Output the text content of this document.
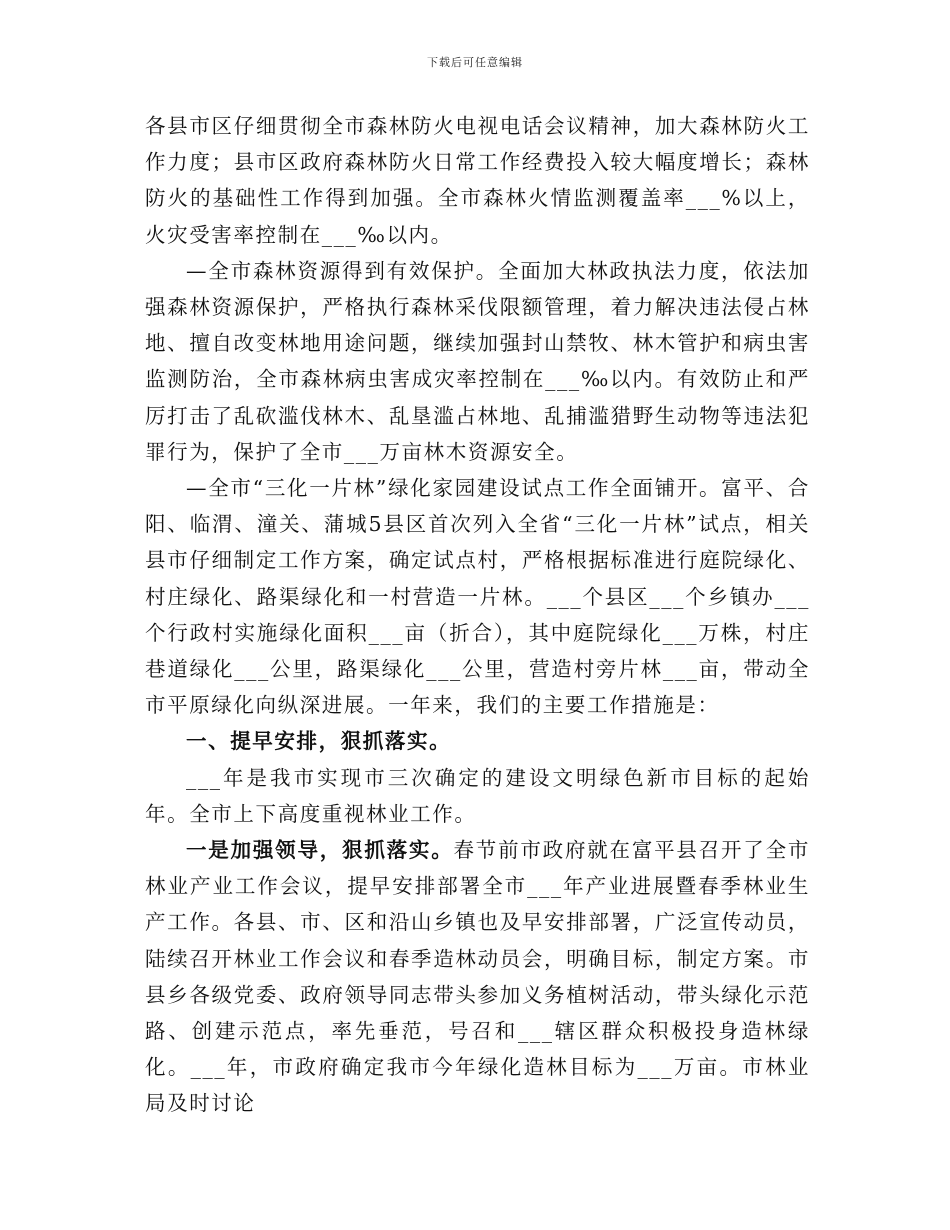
下载后可任意编辑

各县市区仔细贯彻全市森林防火电视电话会议精神，加大森林防火工作力度；县市区政府森林防火日常工作经费投入较大幅度增长；森林防火的基础性工作得到加强。全市森林火情监测覆盖率___%以上，火灾受害率控制在___‰以内。

—全市森林资源得到有效保护。全面加大林政执法力度，依法加强森林资源保护，严格执行森林采伐限额管理，着力解决违法侵占林地、擅自改变林地用途问题，继续加强封山禁牧、林木管护和病虫害监测防治，全市森林病虫害成灾率控制在___‰以内。有效防止和严厉打击了乱砍滥伐林木、乱垦滥占林地、乱捕滥猎野生动物等违法犯罪行为，保护了全市___万亩林木资源安全。

—全市“三化一片林”绿化家园建设试点工作全面铺开。富平、合阳、临渭、潼关、蒲城5县区首次列入全省“三化一片林”试点，相关县市仔细制定工作方案，确定试点村，严格根据标准进行庭院绿化、村庄绿化、路渠绿化和一村营造一片林。___个县区___个乡镇办___个行政村实施绿化面积___亩（折合），其中庭院绿化___万株，村庄巷道绿化___公里，路渠绿化___公里，营造村旁片林___亩，带动全市平原绿化向纵深进展。一年来，我们的主要工作措施是：

一、提早安排，狠抓落实。

___年是我市实现市三次确定的建设文明绿色新市目标的起始年。全市上下高度重视林业工作。

一是加强领导，狠抓落实。春节前市政府就在富平县召开了全市林业产业工作会议，提早安排部署全市___年产业进展暨春季林业生产工作。各县、市、区和沿山乡镇也及早安排部署，广泛宣传动员，陆续召开林业工作会议和春季造林动员会，明确目标，制定方案。市县乡各级党委、政府领导同志带头参加义务植树活动，带头绿化示范路、创建示范点，率先垂范，号召和___辖区群众积极投身造林绿化。___年，市政府确定我市今年绿化造林目标为___万亩。市林业局及时讨论
